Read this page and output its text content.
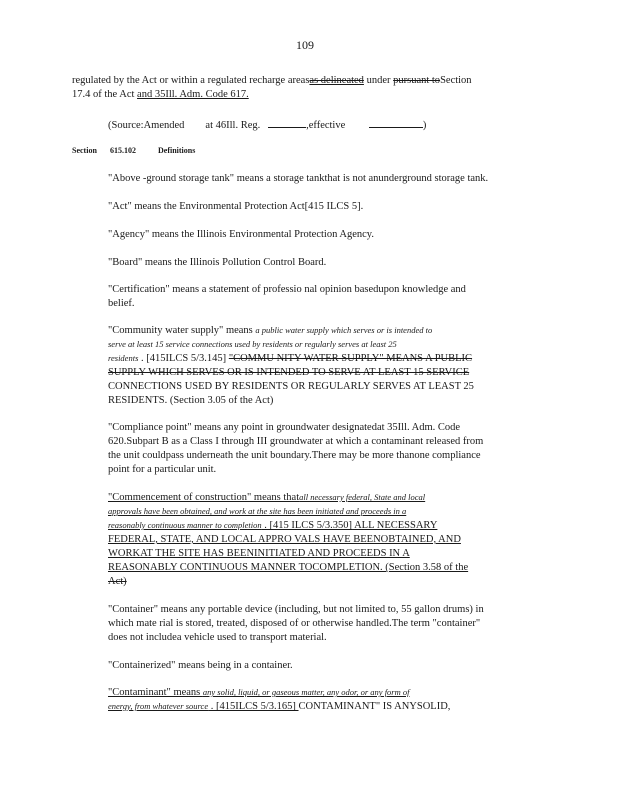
109
regulated by the Act or within a regulated recharge areasas delineated under pursuant toSection
17.4 of the Act and 35Ill. Adm. Code 617.
(Source:Amended at 46Ill. Reg.	,effective	)
Section 615.102	Definitions
"Above -ground storage tank" means a storage tankthat is not anunderground storage tank.
"Act" means the Environmental Protection Act[415 ILCS 5].
"Agency" means the Illinois Environmental Protection Agency.
"Board" means the Illinois Pollution Control Board.
"Certification" means a statement of professio nal opinion basedupon knowledge and
belief.
"Community water supply" means a public water supply which serves or is intended to
serve at least 15 service connections used by residents or regularly serves at least 25
residents . [415ILCS 5/3.145] "COMMU NITY WATER SUPPLY" MEANS A PUBLIC
SUPPLY WHICH SERVES OR IS INTENDED TO SERVE AT LEAST 15 SERVICE
CONNECTIONS USED BY RESIDENTS OR REGULARLY SERVES AT LEAST 25
RESIDENTS. (Section 3.05 of the Act)
"Compliance point" means any point in groundwater designatedat 35Ill. Adm. Code
620.Subpart B as a Class I through III groundwater at which a contaminant released from
the unit couldpass underneath the unit boundary.There may be more thanone compliance
point for a particular unit.
"Commencement of construction" means thatall necessary federal, State and local
approvals have been obtained, and work at the site has been initiated and proceeds in a
reasonably continuous manner to completion . [415 ILCS 5/3.350] ALL NECESSARY
FEDERAL, STATE, AND LOCAL APPRO VALS HAVE BEENOBTAINED, AND
WORKAT THE SITE HAS BEENINITIATED AND PROCEEDS IN A
REASONABLY CONTINUOUS MANNER TOCOMPLETION. (Section 3.58 of the
Act)
"Container" means any portable device (including, but not limited to, 55 gallon drums) in
which mate rial is stored, treated, disposed of or otherwise handled.The term "container"
does not includea vehicle used to transport material.
"Containerized" means being in a container.
"Contaminant" means any solid, liquid, or gaseous matter, any odor, or any form of
energy, from whatever source . [415ILCS 5/3.165] CONTAMINANT" IS ANYSOLID,
